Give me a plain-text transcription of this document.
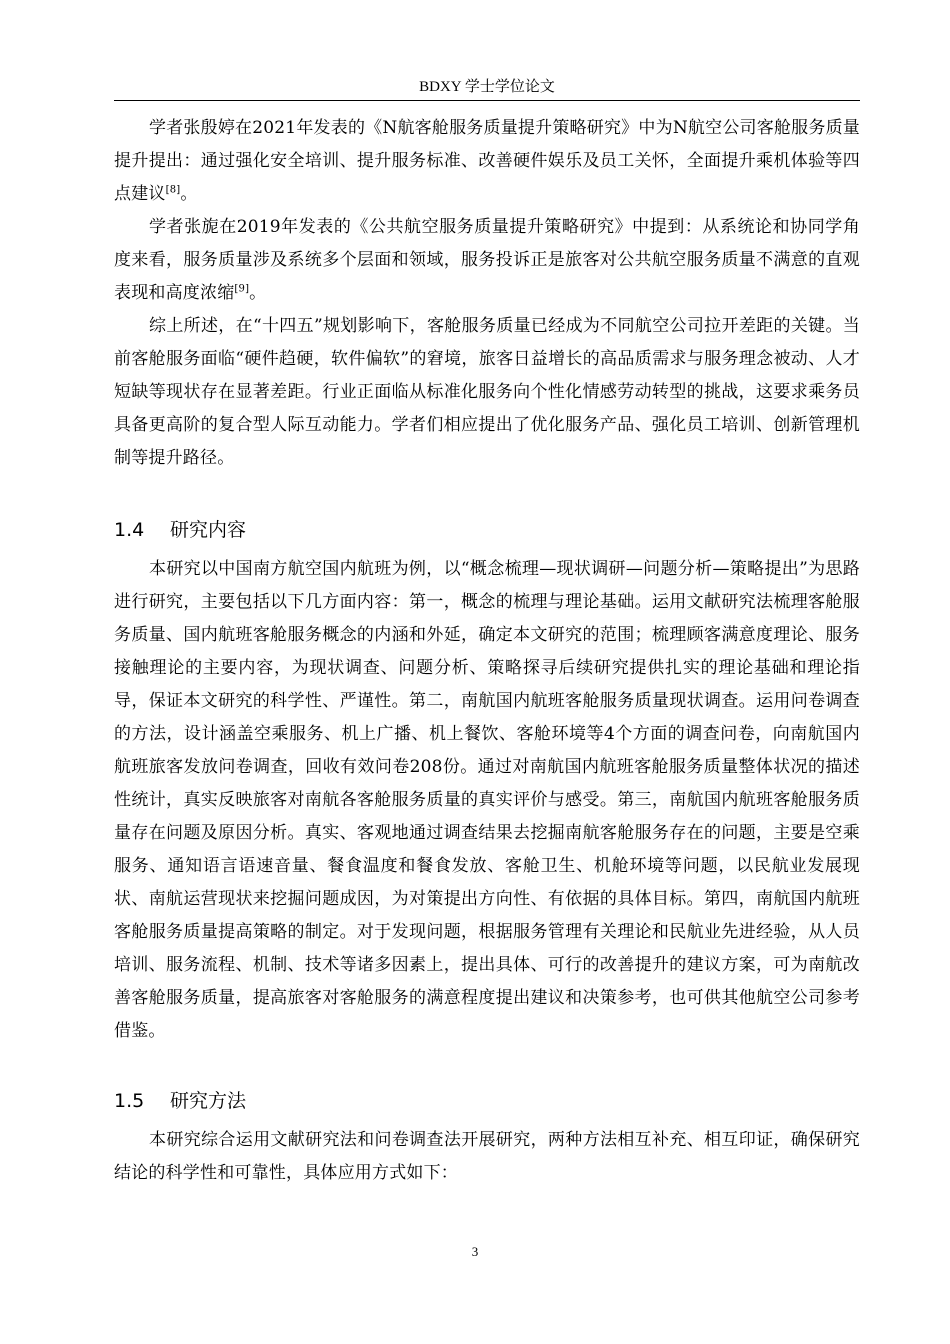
BDXY 学士学位论文

学者张殷婷在2021年发表的《N航客舱服务质量提升策略研究》中为N航空公司客舱服务质量提升提出：通过强化安全培训、提升服务标准、改善硬件娱乐及员工关怀，全面提升乘机体验等四点建议[8]。

学者张旎在2019年发表的《公共航空服务质量提升策略研究》中提到：从系统论和协同学角度来看，服务质量涉及系统多个层面和领域，服务投诉正是旅客对公共航空服务质量不满意的直观表现和高度浓缩[9]。

综上所述，在“十四五”规划影响下，客舱服务质量已经成为不同航空公司拉开差距的关键。当前客舱服务面临“硬件趋硬，软件偏软”的窘境，旅客日益增长的高品质需求与服务理念被动、人才短缺等现状存在显著差距。行业正面临从标准化服务向个性化情感劳动转型的挑战，这要求乘务员具备更高阶的复合型人际互动能力。学者们相应提出了优化服务产品、强化员工培训、创新管理机制等提升路径。

1.4 研究内容

本研究以中国南方航空国内航班为例，以“概念梳理—现状调研—问题分析—策略提出”为思路进行研究，主要包括以下几方面内容：第一，概念的梳理与理论基础。运用文献研究法梳理客舱服务质量、国内航班客舱服务概念的内涵和外延，确定本文研究的范围；梳理顾客满意度理论、服务接触理论的主要内容，为现状调查、问题分析、策略探寻后续研究提供扎实的理论基础和理论指导，保证本文研究的科学性、严谨性。第二，南航国内航班客舱服务质量现状调查。运用问卷调查的方法，设计涵盖空乘服务、机上广播、机上餐饮、客舱环境等4个方面的调查问卷，向南航国内航班旅客发放问卷调查，回收有效问卷208份。通过对南航国内航班客舱服务质量整体状况的描述性统计，真实反映旅客对南航各客舱服务质量的真实评价与感受。第三，南航国内航班客舱服务质量存在问题及原因分析。真实、客观地通过调查结果去挖掘南航客舱服务存在的问题，主要是空乘服务、通知语言语速音量、餐食温度和餐食发放、客舱卫生、机舱环境等问题，以民航业发展现状、南航运营现状来挖掘问题成因，为对策提出方向性、有依据的具体目标。第四，南航国内航班客舱服务质量提高策略的制定。对于发现问题，根据服务管理有关理论和民航业先进经验，从人员培训、服务流程、机制、技术等诸多因素上，提出具体、可行的改善提升的建议方案，可为南航改善客舱服务质量，提高旅客对客舱服务的满意程度提出建议和决策参考，也可供其他航空公司参考借鉴。

1.5 研究方法

本研究综合运用文献研究法和问卷调查法开展研究，两种方法相互补充、相互印证，确保研究结论的科学性和可靠性，具体应用方式如下：

3
